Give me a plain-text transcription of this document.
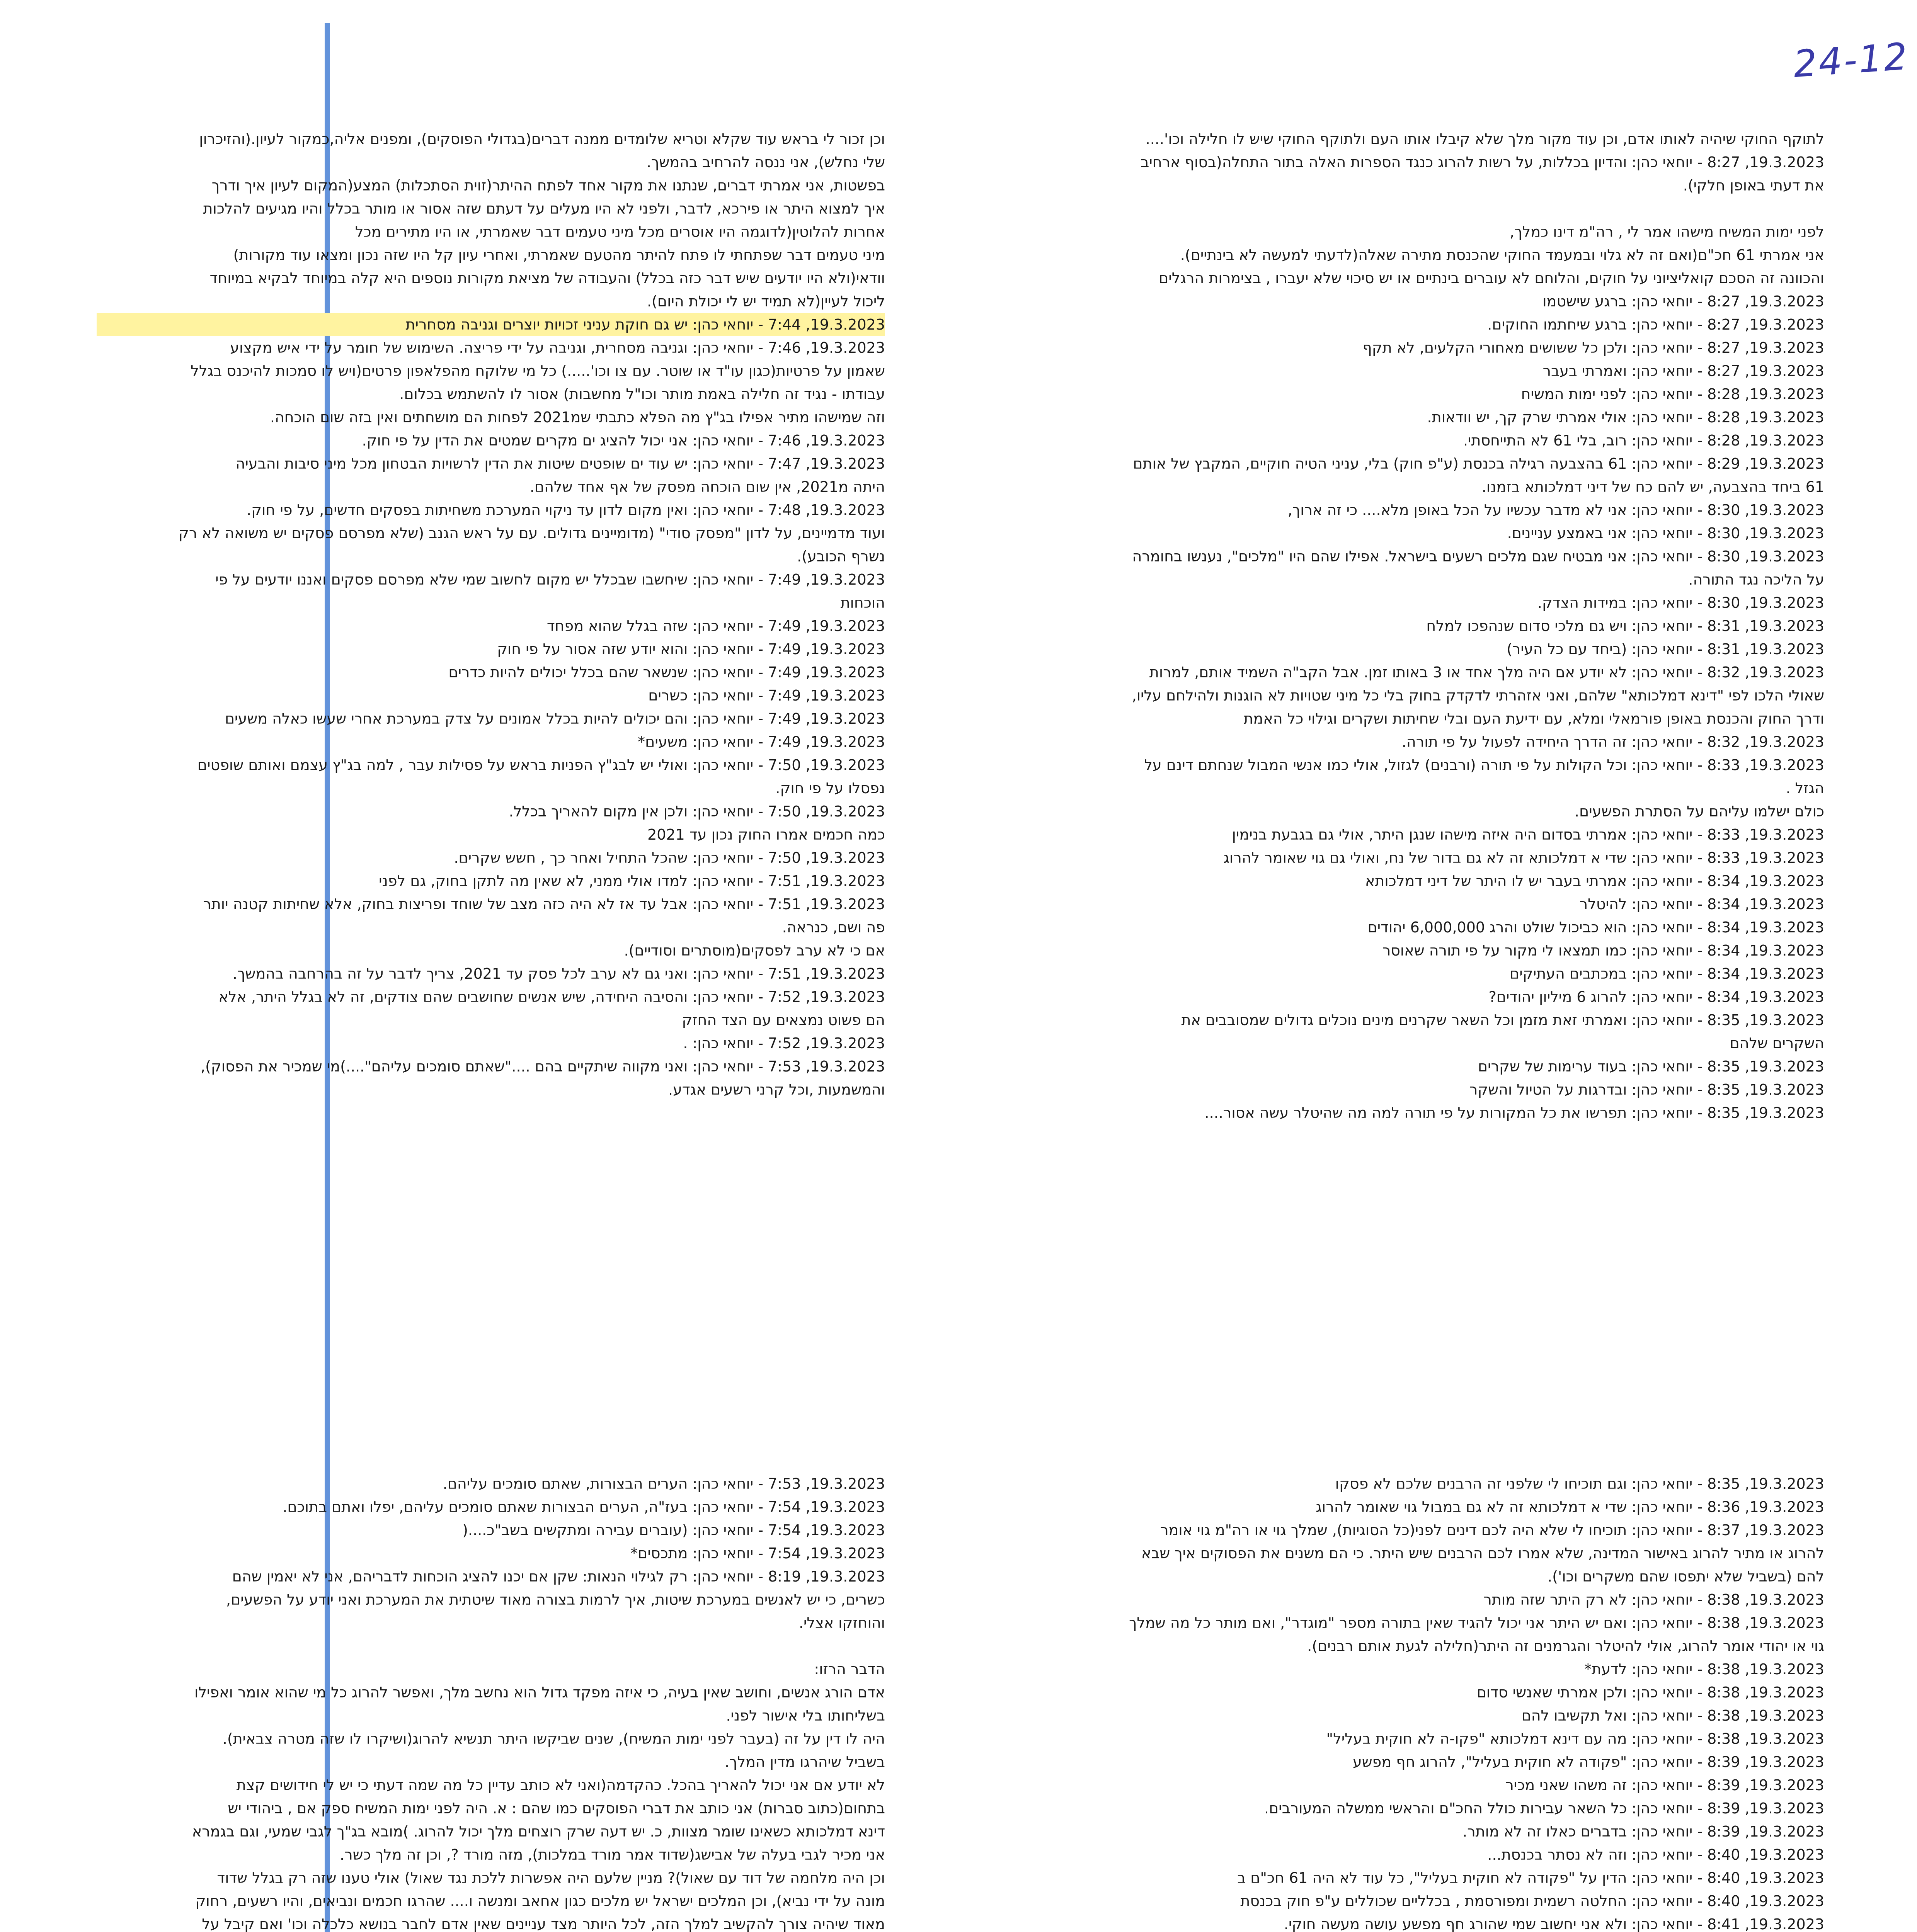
24-12

לתוקף החוקי שיהיה לאותו אדם, וכן עוד מקור מלך שלא קיבלו אותו העם ולתוקף החוקי שיש לו חלילה וכו'....

19.3.2023, 8:27 - יוחאי כהן: והדיון בכללות, על רשות להרוג כנגד הספרות האלה בתור התחלה(בסוף ארחיב

את דעתי באופן חלקי).

לפני ימות המשיח מישהו אמר לי , רה"מ דינו כמלך,

אני אמרתי 61 חכ"ם(ואם זה לא גלוי ובמעמד החוקי שהכנסת מתירה שאלה(לדעתי למעשה לא בינתיים).

והכוונה זה הסכם קואליציוני על חוקים, והלוחם לא עוברים בינתיים או יש סיכוי שלא יעברו , בצימרות הרגלים

19.3.2023, 8:27 - יוחאי כהן: ברגע שישטמו

19.3.2023, 8:27 - יוחאי כהן: ברגע שיחתמו החוקים.

19.3.2023, 8:27 - יוחאי כהן: ולכן כל ששושים מאחורי הקלעים, לא תקף

19.3.2023, 8:27 - יוחאי כהן: ואמרתי בעבר

19.3.2023, 8:28 - יוחאי כהן: לפני ימות המשיח

19.3.2023, 8:28 - יוחאי כהן: אולי אמרתי שרק קך, יש וודאות.

19.3.2023, 8:28 - יוחאי כהן: רוב, בלי 61 לא התייחסתי.

19.3.2023, 8:29 - יוחאי כהן: 61 בהצבעה רגילה בכנסת (ע"פ חוק) בלי, עניני הטיה חוקיים, המקבץ של אותם

61 ביחד בהצבעה, יש להם כח של דיני דמלכותא בזמנו.

19.3.2023, 8:30 - יוחאי כהן: אני לא מדבר עכשיו על הכל באופן מלא.... כי זה ארוך,

19.3.2023, 8:30 - יוחאי כהן: אני באמצע עניינים.

19.3.2023, 8:30 - יוחאי כהן: אני מבטיח שגם מלכים רשעים בישראל. אפילו שהם היו "מלכים", נענשו בחומרה

על הליכה נגד התורה.

19.3.2023, 8:30 - יוחאי כהן: במידות הצדק.

19.3.2023, 8:31 - יוחאי כהן: ויש גם מלכי סדום שנהפכו למלח

19.3.2023, 8:31 - יוחאי כהן: (ביחד עם כל העיר)

19.3.2023, 8:32 - יוחאי כהן: לא יודע אם היה מלך אחד או 3 באותו זמן. אבל הקב"ה השמיד אותם, למרות

שאולי הלכו לפי "דינא דמלכותא" שלהם, ואני אזהרתי לדקדק בחוק בלי כל מיני שטויות לא הוגנות ולהילחם עליו,

ודרך החוק והכנסת באופן פורמאלי ומלא, עם ידיעת העם ובלי שחיתות ושקרים וגילוי כל האמת

19.3.2023, 8:32 - יוחאי כהן: זה הדרך היחידה לפעול על פי תורה.

19.3.2023, 8:33 - יוחאי כהן: וכל הקולות על פי תורה (ורבנים) לגזול, אולי כמו אנשי המבול שנחתם דינם על

הגזל .

כולם ישלמו עליהם על הסתרת הפשעים.

19.3.2023, 8:33 - יוחאי כהן: אמרתי בסדום היה איזה מישהו שנגן היתר, אולי גם בגבעת בנימין

19.3.2023, 8:33 - יוחאי כהן: שדי א דמלכותא זה לא גם בדור של נח, ואולי גם גוי שאומר להרוג

19.3.2023, 8:34 - יוחאי כהן: אמרתי בעבר יש לו היתר של דיני דמלכותא

19.3.2023, 8:34 - יוחאי כהן: להיטלר

19.3.2023, 8:34 - יוחאי כהן: הוא כביכול שולט והרג 6,000,000 יהודים

19.3.2023, 8:34 - יוחאי כהן: כמו תמצאו לי מקור על פי תורה שאוסר

19.3.2023, 8:34 - יוחאי כהן: במכתבים העתיקים

19.3.2023, 8:34 - יוחאי כהן: להרוג 6 מיליון יהודים?

19.3.2023, 8:35 - יוחאי כהן: ואמרתי זאת מזמן וכל השאר שקרנים מינים נוכלים גדולים שמסובבים את

השקרים שלהם

19.3.2023, 8:35 - יוחאי כהן: בעוד ערימות של שקרים

19.3.2023, 8:35 - יוחאי כהן: ובדרגות על הטיול והשקר

19.3.2023, 8:35 - יוחאי כהן: תפרשו את כל המקורות על פי תורה למה מה שהיטלר עשה אסור....

וכן זכור לי בראש עוד שקלא וטריא שלומדים ממנה דברים(בגדולי הפוסקים), ומפנים אליה,כמקור לעיון.(והזיכרון

שלי נחלש), אני ננסה להרחיב בהמשך.

בפשטות, אני אמרתי דברים, שנתנו את מקור אחד לפתח ההיתר(זוית הסתכלות) המצע(המקום לעיון איך ודרך

איך למצוא היתר או פירכא, לדבר, ולפני לא היו מעלים על דעתם שזה אסור או מותר בכלל והיו מגיעים להלכות

אחרות להלוטין(לדוגמה היו אוסרים מכל מיני טעמים דבר שאמרתי, או היו מתירים מכל

מיני טעמים דבר שפתחתי לו פתח להיתר מהטעם שאמרתי, ואחרי עיון קל היו שזה נכון ומצאו עוד מקורות)

וודאי(ולא היו יודעים שיש דבר כזה בכלל) והעבודה של מציאת מקורות נוספים היא קלה במיוחד לבקיא במיוחד

ליכול לעיין(לא תמיד יש לי יכולת היום).

19.3.2023, 7:44 - יוחאי כהן: יש גם חוקת עניני זכויות יוצרים וגניבה מסחרית

19.3.2023, 7:46 - יוחאי כהן: וגניבה מסחרית, וגניבה על ידי פריצה. השימוש של חומר על ידי איש מקצוע

שאמון על פרטיות(כגון עו"ד או שוטר. עם צו וכו'.....) כל מי שלוקח מהפלאפון פרטים(ויש לו סמכות להיכנס בגלל

עבודתו - נגיד זה חלילה באמת מותר וכו"ל מחשבות) אסור לו להשתמש בכלום.

וזה שמישהו מתיר אפילו בג"ץ מה הפלא כתבתי שמ2021 לפחות הם מושחתים ואין בזה שום הוכחה.

19.3.2023, 7:46 - יוחאי כהן: אני יכול להציג ים מקרים שמטים את הדין על פי חוק.

19.3.2023, 7:47 - יוחאי כהן: יש עוד ים שופטים שיטות את הדין לרשויות הבטחון מכל מיני סיבות והבעיה

היתה מ2021, אין שום הוכחה מפסק של אף אחד שלהם.

19.3.2023, 7:48 - יוחאי כהן: ואין מקום לדון עד ניקוי המערכת משחיתות בפסקים חדשים, על פי חוק.

ועוד מדמיינים, על לדון "מפסק סודי" (מדומיינים גדולים. עם על ראש הגנב (שלא מפרסם פסקים יש משואה לא רק

נשרף הכובע).

19.3.2023, 7:49 - יוחאי כהן: שיחשבו שבכלל יש מקום לחשוב שמי שלא מפרסם פסקים ואננו יודעים על פי

הוכחות

19.3.2023, 7:49 - יוחאי כהן: שזה בגלל שהוא מפחד

19.3.2023, 7:49 - יוחאי כהן: והוא יודע שזה אסור על פי חוק

19.3.2023, 7:49 - יוחאי כהן: שנשאר שהם בכלל יכולים להיות כדרים

19.3.2023, 7:49 - יוחאי כהן: כשרים

19.3.2023, 7:49 - יוחאי כהן: והם יכולים להיות בכלל אמונים על צדק במערכת אחרי שעשו כאלה משעים

19.3.2023, 7:49 - יוחאי כהן: משעים*

19.3.2023, 7:50 - יוחאי כהן: ואולי יש לבג"ץ הפניות בראש על פסילות עבר , למה בג"ץ עצמם ואותם שופטים

נפסלו על פי חוק.

19.3.2023, 7:50 - יוחאי כהן: ולכן אין מקום להאריך בכלל.

כמה חכמים אמרו החוק נכון עד 2021

19.3.2023, 7:50 - יוחאי כהן: שהכל התחיל ואחר כך , חשש שקרים.

19.3.2023, 7:51 - יוחאי כהן: למדו אולי ממני, לא שאין מה לתקן בחוק, גם לפני

19.3.2023, 7:51 - יוחאי כהן: אבל עד אז לא היה כזה מצב של שוחד ופריצות בחוק, אלא שחיתות קטנה יותר

פה ושם, כנראה.

אם כי לא ערב לפסקים(מוסתרים וסודיים).

19.3.2023, 7:51 - יוחאי כהן: ואני גם לא ערב לכל פסק עד 2021, צריך לדבר על זה בהרחבה בהמשך.

19.3.2023, 7:52 - יוחאי כהן: והסיבה היחידה, שיש אנשים שחושבים שהם צודקים, זה לא בגלל היתר, אלא

הם פשוט נמצאים עם הצד החזק

19.3.2023, 7:52 - יוחאי כהן: .

19.3.2023, 7:53 - יוחאי כהן: ואני מקווה שיתקיים בהם ...."שאתם סומכים עליהם"....)מי שמכיר את הפסוק),

והמשמעות ,וכל קרני רשעים אגדע.

19.3.2023, 8:35 - יוחאי כהן: וגם תוכיחו לי שלפני זה הרבנים שלכם לא פסקו

19.3.2023, 8:36 - יוחאי כהן: שדי א דמלכותא זה לא גם במבול גוי שאומר להרוג

19.3.2023, 8:37 - יוחאי כהן: תוכיחו לי שלא היה לכם דינים לפני(כל הסוגיות), שמלך גוי או רה"מ גוי אומר

להרוג או מתיר להרוג באישור המדינה, שלא אמרו לכם הרבנים שיש היתר. כי הם משנים את הפסוקים איך שבא

להם (בשביל שלא יתפסו שהם משקרים וכו').

19.3.2023, 8:38 - יוחאי כהן: לא רק היתר שזה מותר

19.3.2023, 8:38 - יוחאי כהן: ואם יש היתר אני יכול להגיד שאין בתורה מספר "מוגדר", ואם מותר כל מה שמלך

גוי או יהודי אומר להרוג, אולי להיטלר והגרמנים זה היתר(חלילה לגעת אותם רבנים).

19.3.2023, 8:38 - יוחאי כהן: לדעת*

19.3.2023, 8:38 - יוחאי כהן: ולכן אמרתי שאנשי סדום

19.3.2023, 8:38 - יוחאי כהן: ואל תקשיבו להם

19.3.2023, 8:38 - יוחאי כהן: מה עם דינא דמלכותא "פקו-ה לא חוקית בעליל"

19.3.2023, 8:39 - יוחאי כהן: "פקודה לא חוקית בעליל", להרוג חף מפשע

19.3.2023, 8:39 - יוחאי כהן: זה משהו שאני מכיר

19.3.2023, 8:39 - יוחאי כהן: כל השאר עבירות כולל החכ"ם והראשי ממשלה המעורבים.

19.3.2023, 8:39 - יוחאי כהן: בדברים כאלו זה לא מותר.

19.3.2023, 8:40 - יוחאי כהן: וזה לא נסתר בכנסת...

19.3.2023, 8:40 - יוחאי כהן: הדין על "פקודה לא חוקית בעליל", כל עוד לא היה 61 חכ"ם ב

19.3.2023, 8:40 - יוחאי כהן: החלטה רשמית ומפורסמת , בכלליים שכוללים ע"פ חוק בכנסת

19.3.2023, 8:41 - יוחאי כהן: ולא אני יחשוב שמי שהורג חף מפשע עושה מעשה חוקי.

19.3.2023, 7:53 - יוחאי כהן: הערים הבצורות, שאתם סומכים עליהם.

19.3.2023, 7:54 - יוחאי כהן: בעז"ה, הערים הבצורות שאתם סומכים עליהם, יפלו ואתם בתוכם.

19.3.2023, 7:54 - יוחאי כהן: (עוברים עבירה ומתקשים בשב"כ....(

19.3.2023, 7:54 - יוחאי כהן: מתכסים*

19.3.2023, 8:19 - יוחאי כהן: רק לגילוי הנאות: שקן אם יכנו להציג הוכחות לדבריהם, אני לא יאמין שהם

כשרים, כי יש לאנשים במערכת שיטות, איך לרמות בצורה מאוד שיטתית את המערכת ואני יודע על הפשעים,

והוחזקו אצלי.

הדבר הרזו:

אדם הורג אנשים, וחושב שאין בעיה, כי איזה מפקד גדול הוא נחשב מלך, ואפשר להרוג כל מי שהוא אומר ואפילו

בשליחותו בלי אישור לפני.

היה לו דין על זה (בעבר לפני ימות המשיח), שנים שביקשו היתר תנשיא להרוג(ושיקרו לו שזה מטרה צבאית).

בשביל שיהרגו מדין המלך.

לא יודע אם אני יכול להאריך בהכל. כהקדמה(ואני לא כותב עדיין כל מה שמה דעתי כי יש לי חידושים קצת

בתחום(כתוב סברות) אני כותב את דברי הפוסקים כמו שהם : א. היה לפני ימות המשיח ספק אם , ביהודי יש

דינא דמלכותא כשאינו שומר מצוות, כ. יש דעה שרק רוצחים מלך יכול להרוג. )מובא בג"ך לגבי שמעי, וגם בגמרא

אני מכיר לגבי בעלה של אבישג(שדוד אמר מורד במלכות), מזה מורד ?, וכן זה מלך כשר.

וכן היה מלחמה של דוד עם שאול)? מניין שלעם היה אפשרות ללכת נגד שאול) אולי טענו שזה רק בגלל שדוד

מונה על ידי נביא), וכן המלכים ישראל יש מלכים כגון אחאב ומנשה ו.... שהרגו חכמים ונביאים, והיו רשעים, רחוק

מאוד שיהיה צורך להקשיב למלך הזה, לכל היותר מצד עניינים שאין אדם לחבר בנושא כלכלה וכו' ואם קיבל על
